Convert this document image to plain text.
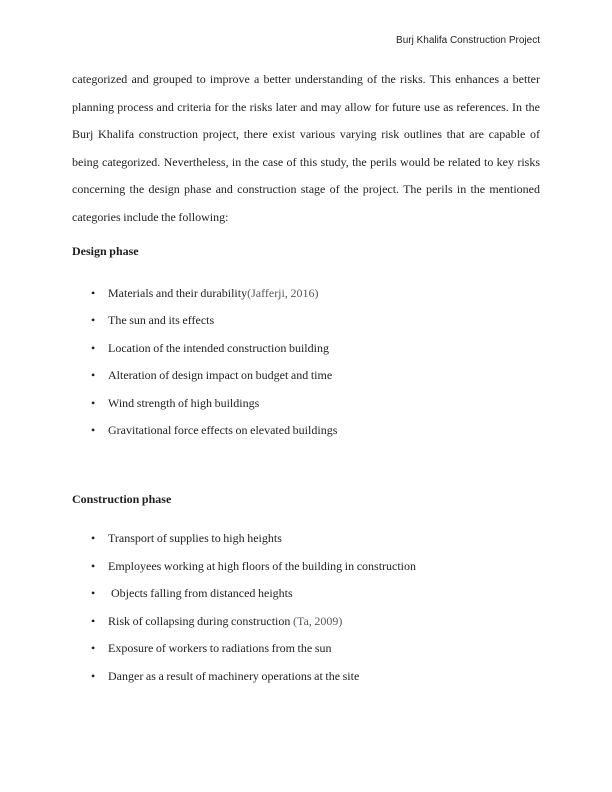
Burj Khalifa Construction Project
categorized and grouped to improve a better understanding of the risks. This enhances a better
planning process and criteria for the risks later and may allow for future use as references. In the
Burj Khalifa construction project, there exist various varying risk outlines that are capable of
being categorized. Nevertheless, in the case of this study, the perils would be related to key risks
concerning the design phase and construction stage of the project. The perils in the mentioned
categories include the following:
Design phase
• Materials and their durability(Jafferji, 2016)
• The sun and its effects
• Location of the intended construction building
• Alteration of design impact on budget and time
• Wind strength of high buildings
• Gravitational force effects on elevated buildings
Construction phase
• Transport of supplies to high heights
• Employees working at high floors of the building in construction
• Objects falling from distanced heights
• Risk of collapsing during construction (Ta, 2009)
• Exposure of workers to radiations from the sun
• Danger as a result of machinery operations at the site
